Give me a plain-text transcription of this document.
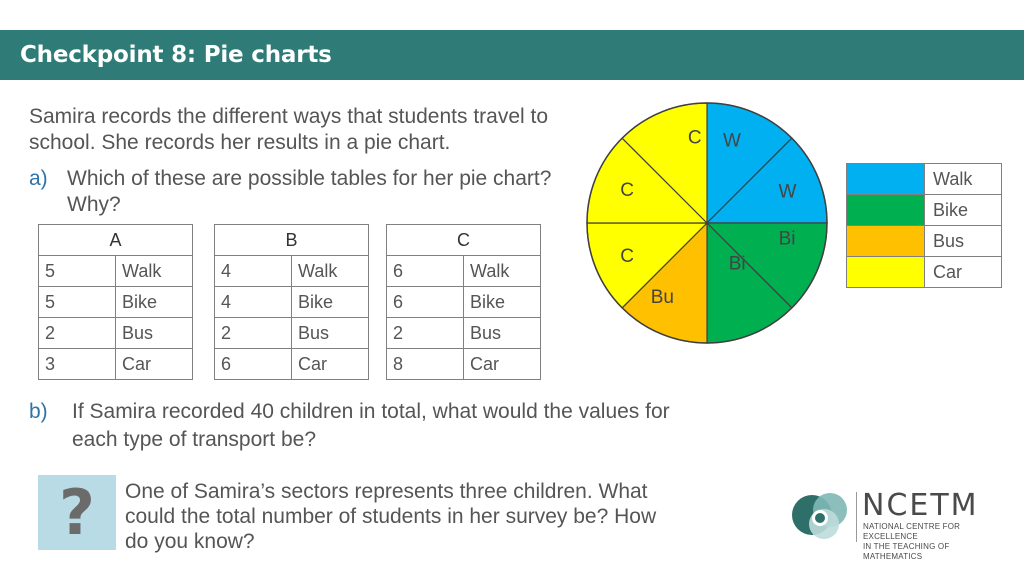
Checkpoint 8: Pie charts
Samira records the different ways that students travel to school. She records her results in a pie chart.
a) Which of these are possible tables for her pie chart? Why?
A	
5	Walk
5	Bike
2	Bus
3	Car
B	
4	Walk
4	Bike
2	Bus
6	Car
C	
6	Walk
6	Bike
2	Bus
8	Car
W
W
Bi
Bi
Bu
C
C
C
	Walk
	Bike
	Bus
	Car
b) If Samira recorded 40 children in total, what would the values for each type of transport be?
?	One of Samira’s sectors represents three children. What could the total number of students in her survey be? How do you know?
NCETM
NATIONAL CENTRE FOR EXCELLENCE
IN THE TEACHING OF MATHEMATICS
